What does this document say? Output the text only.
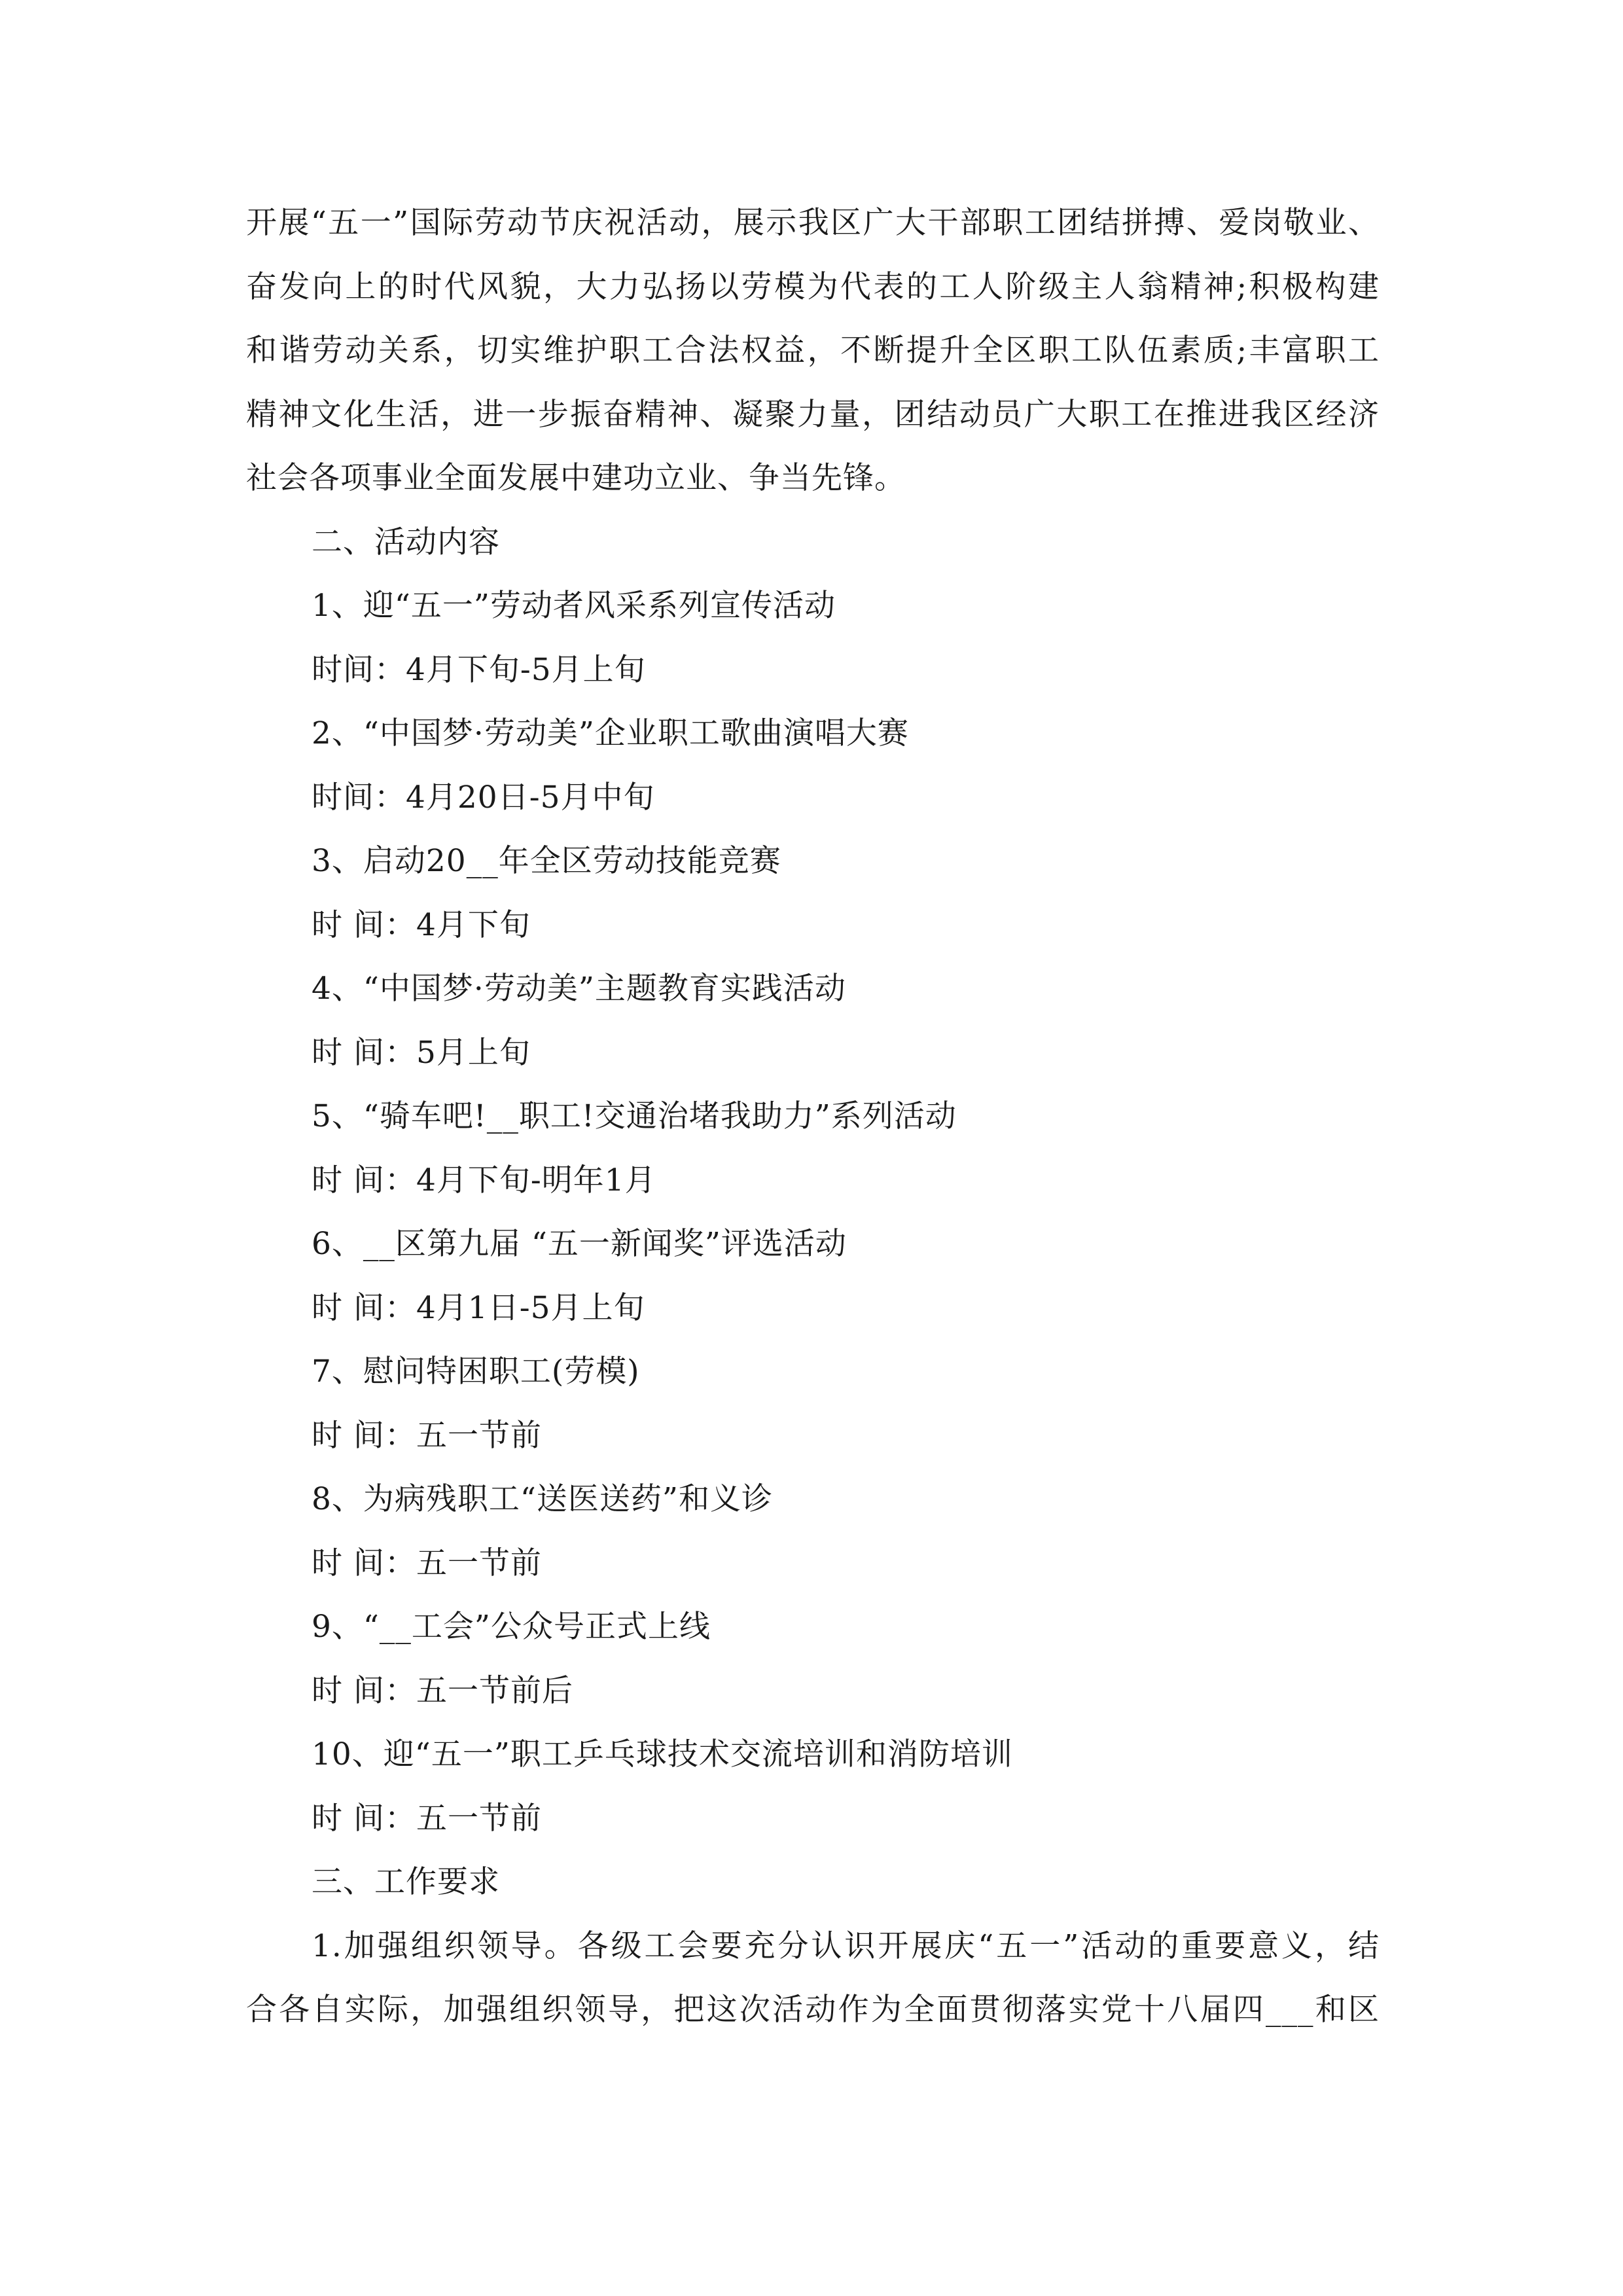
开展“五一”国际劳动节庆祝活动，展示我区广大干部职工团结拼搏、爱岗敬业、
奋发向上的时代风貌，大力弘扬以劳模为代表的工人阶级主人翁精神;积极构建
和谐劳动关系，切实维护职工合法权益，不断提升全区职工队伍素质;丰富职工
精神文化生活，进一步振奋精神、凝聚力量，团结动员广大职工在推进我区经济
社会各项事业全面发展中建功立业、争当先锋。
二、活动内容
1、迎“五一”劳动者风采系列宣传活动
时间：4月下旬-5月上旬
2、“中国梦·劳动美”企业职工歌曲演唱大赛
时间：4月20日-5月中旬
3、启动20__年全区劳动技能竞赛
时 间：4月下旬
4、“中国梦·劳动美”主题教育实践活动
时 间：5月上旬
5、“骑车吧!__职工!交通治堵我助力”系列活动
时 间：4月下旬-明年1月
6、__区第九届 “五一新闻奖”评选活动
时 间：4月1日-5月上旬
7、慰问特困职工(劳模)
时 间：五一节前
8、为病残职工“送医送药”和义诊
时 间：五一节前
9、“__工会”公众号正式上线
时 间：五一节前后
10、迎“五一”职工乒乓球技术交流培训和消防培训
时 间：五一节前
三、工作要求
1.加强组织领导。各级工会要充分认识开展庆“五一”活动的重要意义，结
合各自实际，加强组织领导，把这次活动作为全面贯彻落实党十八届四___和区
